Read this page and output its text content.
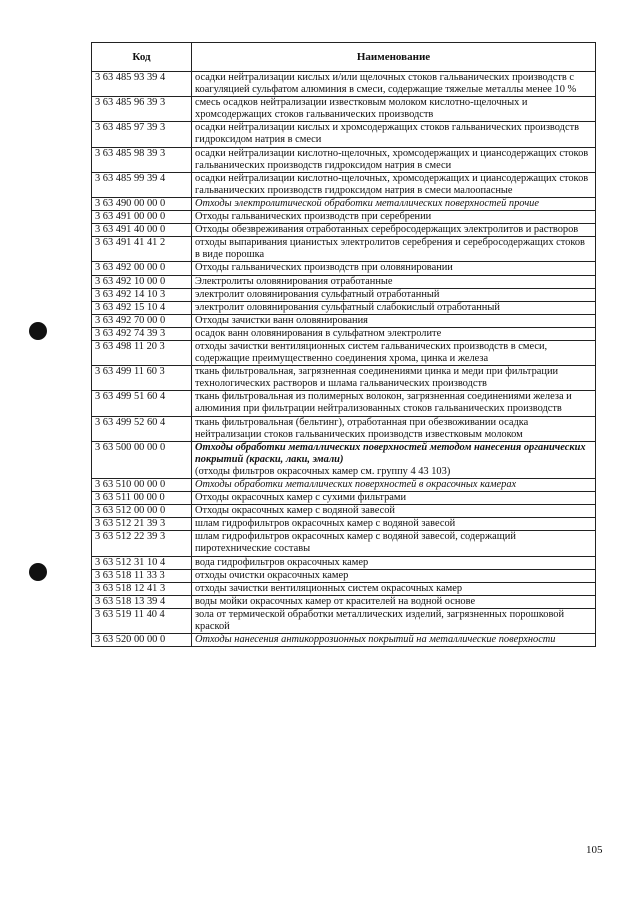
Код	Наименование
3 63 485 93 39 4	осадки нейтрализации кислых и/или щелочных стоков гальванических производств с коагуляцией сульфатом алюминия в смеси, содержащие тяжелые металлы менее 10 %
3 63 485 96 39 3	смесь осадков нейтрализации известковым молоком кислотно-щелочных и хромсодержащих стоков гальванических производств
3 63 485 97 39 3	осадки нейтрализации кислых и хромсодержащих стоков гальванических производств гидроксидом натрия в смеси
3 63 485 98 39 3	осадки нейтрализации кислотно-щелочных, хромсодержащих и циансодержащих стоков гальванических производств гидроксидом натрия в смеси
3 63 485 99 39 4	осадки нейтрализации кислотно-щелочных, хромсодержащих и циансодержащих стоков гальванических производств гидроксидом натрия в смеси малоопасные
3 63 490 00 00 0	Отходы электролитической обработки металлических поверхностей прочие
3 63 491 00 00 0	Отходы гальванических производств при серебрении
3 63 491 40 00 0	Отходы обезвреживания отработанных серебросодержащих электролитов и растворов
3 63 491 41 41 2	отходы выпаривания цианистых электролитов серебрения и серебросодержащих стоков в виде порошка
3 63 492 00 00 0	Отходы гальванических производств при оловянировании
3 63 492 10 00 0	Электролиты оловянирования отработанные
3 63 492 14 10 3	электролит оловянирования сульфатный отработанный
3 63 492 15 10 4	электролит оловянирования сульфатный слабокислый отработанный
3 63 492 70 00 0	Отходы зачистки ванн оловянирования
3 63 492 74 39 3	осадок ванн оловянирования в сульфатном электролите
3 63 498 11 20 3	отходы зачистки вентиляционных систем гальванических производств в смеси, содержащие преимущественно соединения хрома, цинка и железа
3 63 499 11 60 3	ткань фильтровальная, загрязненная соединениями цинка и меди при фильтрации технологических растворов и шлама гальванических производств
3 63 499 51 60 4	ткань фильтровальная из полимерных волокон, загрязненная соединениями железа и алюминия при фильтрации нейтрализованных стоков гальванических производств
3 63 499 52 60 4	ткань фильтровальная (бельтинг), отработанная при обезвоживании осадка нейтрализации стоков гальванических производств известковым молоком
3 63 500 00 00 0	Отходы обработки металлических поверхностей методом нанесения органических покрытий (краски, лаки, эмали)
(отходы фильтров окрасочных камер см. группу 4 43 103)

3 63 510 00 00 0	Отходы обработки металлических поверхностей в окрасочных камерах
3 63 511 00 00 0	Отходы окрасочных камер с сухими фильтрами
3 63 512 00 00 0	Отходы окрасочных камер с водяной завесой
3 63 512 21 39 3	шлам гидрофильтров окрасочных камер с водяной завесой
3 63 512 22 39 3	шлам гидрофильтров окрасочных камер с водяной завесой, содержащий пиротехнические составы
3 63 512 31 10 4	вода гидрофильтров окрасочных камер
3 63 518 11 33 3	отходы очистки окрасочных камер
3 63 518 12 41 3	отходы зачистки вентиляционных систем окрасочных камер
3 63 518 13 39 4	воды мойки окрасочных камер от красителей на водной основе
3 63 519 11 40 4	зола от термической обработки металлических изделий, загрязненных порошковой краской
3 63 520 00 00 0	Отходы нанесения антикоррозионных покрытий на металлические поверхности
105
